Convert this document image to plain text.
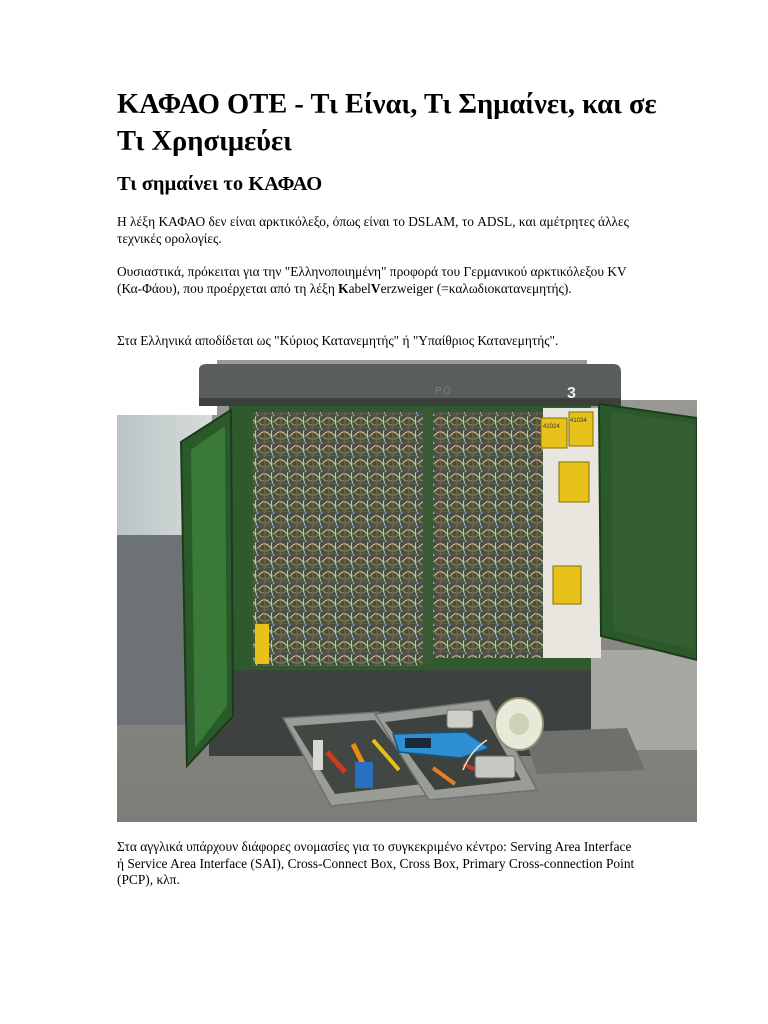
ΚΑΦΑΟ ΟΤΕ - Τι Είναι, Τι Σημαίνει, και σε Τι Χρησιμεύει
Τι σημαίνει το ΚΑΦΑΟ

Η λέξη ΚΑΦΑΟ δεν είναι αρκτικόλεξο, όπως είναι το DSLAM, το ADSL, και αμέτρητες άλλες τεχνικές ορολογίες.

Ουσιαστικά, πρόκειται για την "Ελληνοποιημένη" προφορά του Γερμανικού αρκτικόλεξου KV (Κα-Φάου), που προέρχεται από τη λέξη KabelVerzweiger (=καλωδιοκατανεμητής).

Στα Ελληνικά αποδίδεται ως "Κύριος Κατανεμητής" ή "Υπαίθριος Κατανεμητής".

P.O	3
41024
41034

Στα αγγλικά υπάρχουν διάφορες ονομασίες για το συγκεκριμένο κέντρο: Serving Area Interface ή Service Area Interface (SAI), Cross-Connect Box, Cross Box, Primary Cross-connection Point (PCP), κλπ.
